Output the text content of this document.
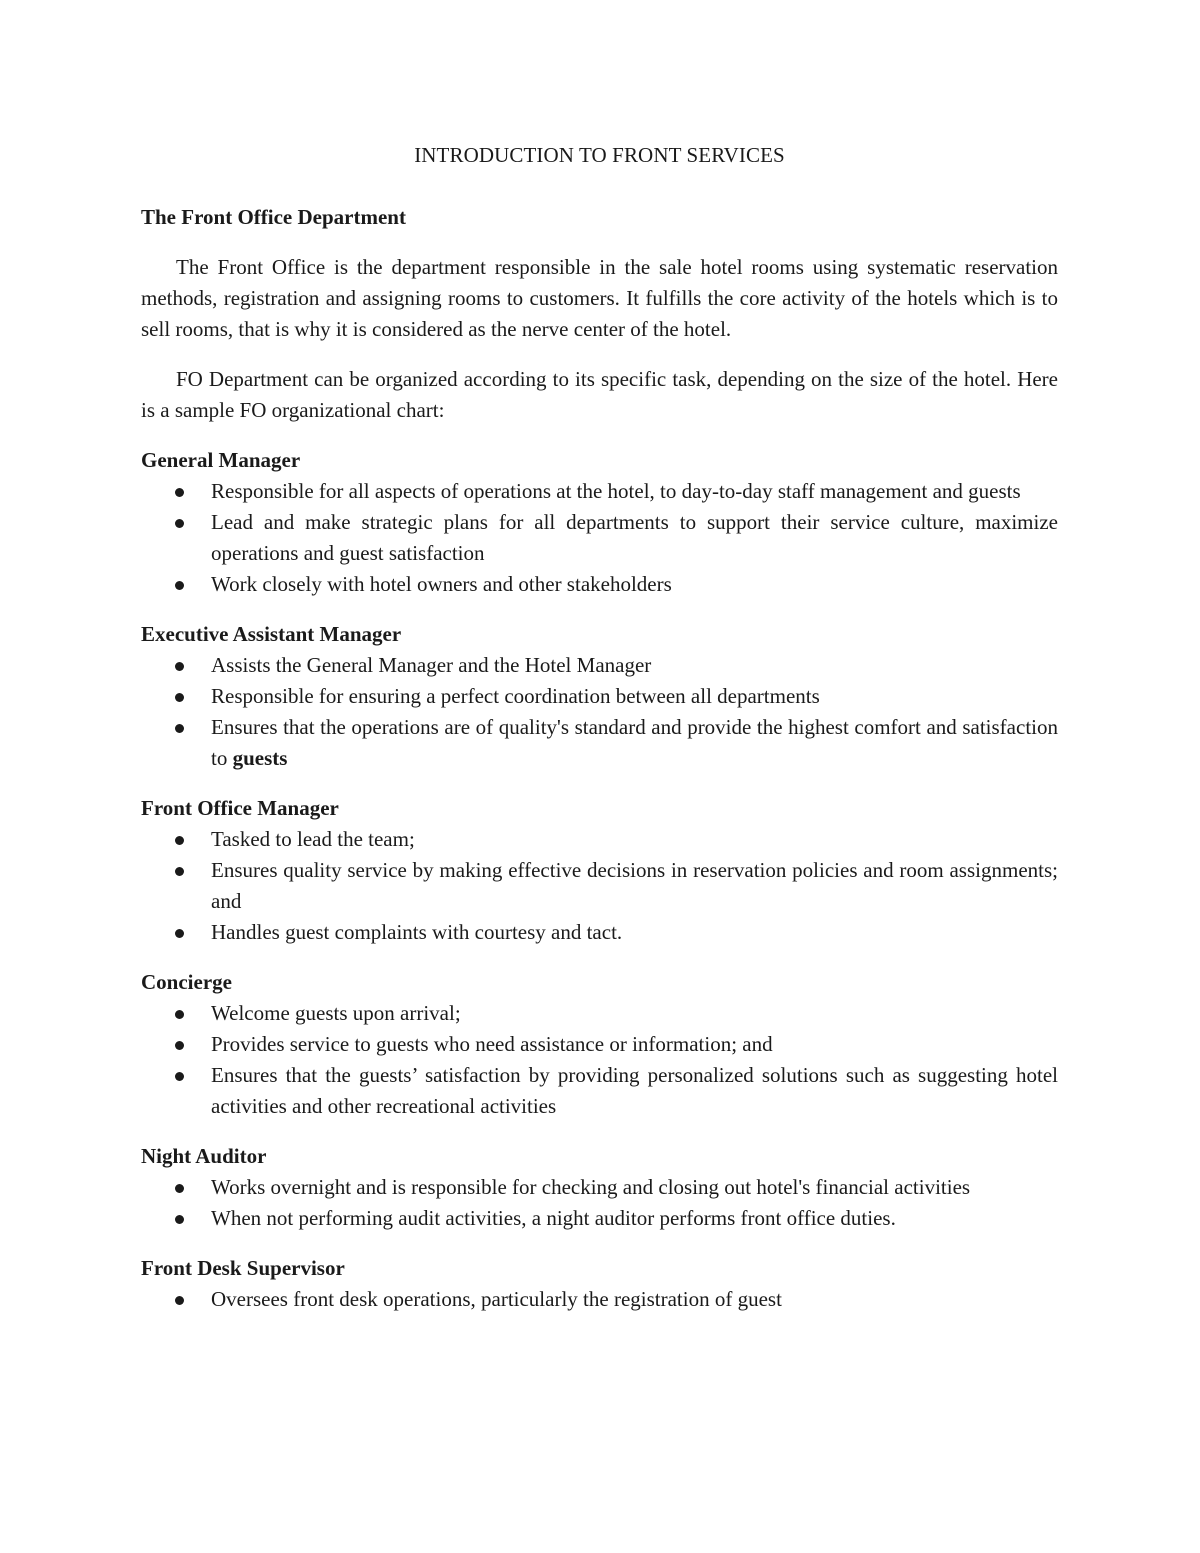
INTRODUCTION TO FRONT SERVICES
The Front Office Department

The Front Office is the department responsible in the sale hotel rooms using systematic reservation methods, registration and assigning rooms to customers. It fulfills the core activity of the hotels which is to sell rooms, that is why it is considered as the nerve center of the hotel.

FO Department can be organized according to its specific task, depending on the size of the hotel. Here is a sample FO organizational chart:

General Manager
Responsible for all aspects of operations at the hotel, to day-to-day staff management and guests
Lead and make strategic plans for all departments to support their service culture, maximize operations and guest satisfaction
Work closely with hotel owners and other stakeholders
Executive Assistant Manager
Assists the General Manager and the Hotel Manager
Responsible for ensuring a perfect coordination between all departments
Ensures that the operations are of quality's standard and provide the highest comfort and satisfaction to guests
Front Office Manager
Tasked to lead the team;
Ensures quality service by making effective decisions in reservation policies and room assignments; and
Handles guest complaints with courtesy and tact.
Concierge
Welcome guests upon arrival;
Provides service to guests who need assistance or information; and
Ensures that the guests’ satisfaction by providing personalized solutions such as suggesting hotel activities and other recreational activities
Night Auditor
Works overnight and is responsible for checking and closing out hotel's financial activities
When not performing audit activities, a night auditor performs front office duties.
Front Desk Supervisor
Oversees front desk operations, particularly the registration of guest
